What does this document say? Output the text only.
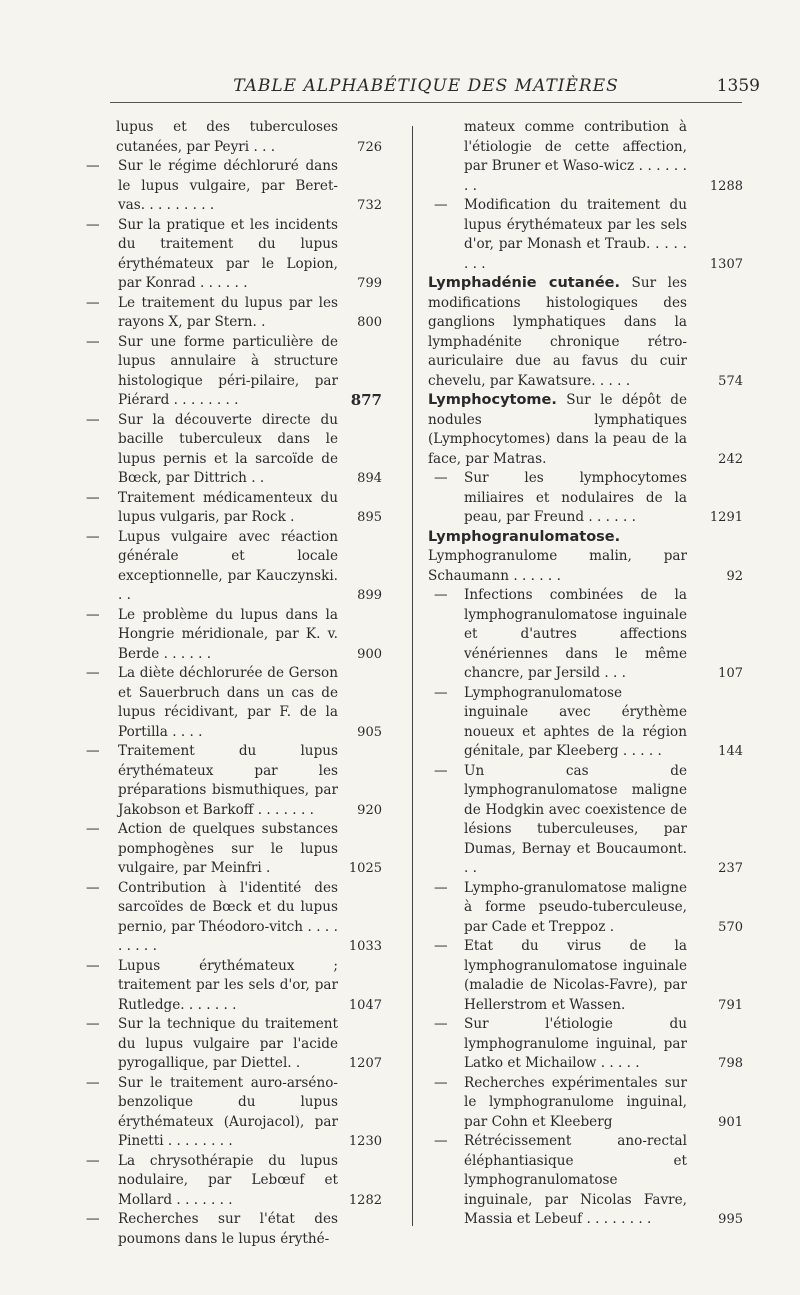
TABLE ALPHABÉTIQUE DES MATIÈRES	1359
lupus et des tuberculoses cutanées, par Peyri . . .	726
— Sur le régime déchloruré dans le lupus vulgaire, par Beret-vas. . . . . . . . .	732
— Sur la pratique et les incidents du traitement du lupus érythémateux par le Lopion, par Konrad . . . . . .	799
— Le traitement du lupus par les rayons X, par Stern. .	800
— Sur une forme particulière de lupus annulaire à structure histologique péri-pilaire, par Piérard . . . . . . . .	877
— Sur la découverte directe du bacille tuberculeux dans le lupus pernis et la sarcoïde de Bœck, par Dittrich . .	894
— Traitement médicamenteux du lupus vulgaris, par Rock .	895
— Lupus vulgaire avec réaction générale et locale exceptionnelle, par Kauczynski. . .	899
— Le problème du lupus dans la Hongrie méridionale, par K. v. Berde . . . . . .	900
— La diète déchlorurée de Gerson et Sauerbruch dans un cas de lupus récidivant, par F. de la Portilla . . . .	905
— Traitement du lupus érythémateux par les préparations bismuthiques, par Jakobson et Barkoff . . . . . . .	920
— Action de quelques substances pomphogènes sur le lupus vulgaire, par Meinfri .	1025
— Contribution à l'identité des sarcoïdes de Bœck et du lupus pernio, par Théodoro-vitch . . . . . . . . .	1033
— Lupus érythémateux ; traitement par les sels d'or, par Rutledge. . . . . . .	1047
— Sur la technique du traitement du lupus vulgaire par l'acide pyrogallique, par Diettel. .	1207
— Sur le traitement auro-arséno-benzolique du lupus érythémateux (Aurojacol), par Pinetti . . . . . . . .	1230
— La chrysothérapie du lupus nodulaire, par Lebœuf et Mollard . . . . . . .	1282
— Recherches sur l'état des poumons dans le lupus érythé-
mateux comme contribution à l'étiologie de cette affection, par Bruner et Waso-wicz . . . . . . . .	1288
— Modification du traitement du lupus érythémateux par les sels d'or, par Monash et Traub. . . . . . . .	1307
Lymphadénie cutanée. Sur les modifications histologiques des ganglions lymphatiques dans la lymphadénite chronique rétro-auriculaire due au favus du cuir chevelu, par Kawatsure. . . . .	574
Lymphocytome. Sur le dépôt de nodules lymphatiques (Lymphocytomes) dans la peau de la face, par Matras.	242
— Sur les lymphocytomes miliaires et nodulaires de la peau, par Freund . . . . . .	1291
Lymphogranulomatose. Lymphogranulome malin, par Schaumann . . . . . .	92
— Infections combinées de la lymphogranulomatose inguinale et d'autres affections vénériennes dans le même chancre, par Jersild . . .	107
— Lymphogranulomatose inguinale avec érythème noueux et aphtes de la région génitale, par Kleeberg . . . . .	144
— Un cas de lymphogranulomatose maligne de Hodgkin avec coexistence de lésions tuberculeuses, par Dumas, Bernay et Boucaumont. . .	237
— Lympho-granulomatose maligne à forme pseudo-tuberculeuse, par Cade et Treppoz .	570
— Etat du virus de la lymphogranulomatose inguinale (maladie de Nicolas-Favre), par Hellerstrom et Wassen.	791
— Sur l'étiologie du lymphogranulome inguinal, par Latko et Michailow . . . . .	798
— Recherches expérimentales sur le lymphogranulome inguinal, par Cohn et Kleeberg	901
— Rétrécissement ano-rectal éléphantiasique et lymphogranulomatose inguinale, par Nicolas Favre, Massia et Lebeuf . . . . . . . .	995
